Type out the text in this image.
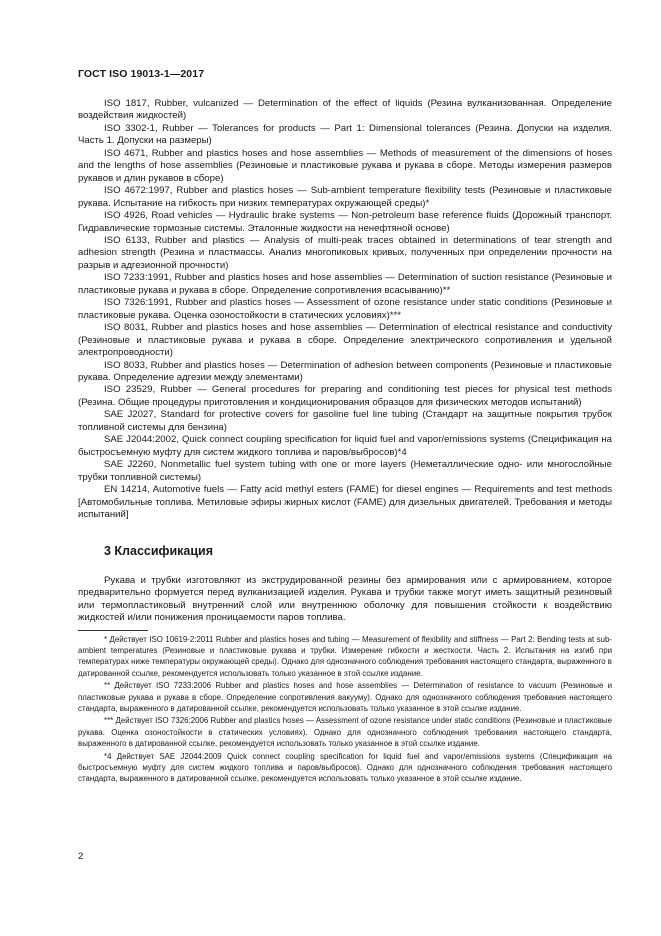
ГОСТ ISO 19013-1—2017

ISO 1817, Rubber, vulcanized — Determination of the effect of liquids (Резина вулканизованная. Определение воздействия жидкостей)

ISO 3302-1, Rubber — Tolerances for products — Part 1: Dimensional tolerances (Резина. Допуски на изделия. Часть 1. Допуски на размеры)

ISO 4671, Rubber and plastics hoses and hose assemblies — Methods of measurement of the dimensions of hoses and the lengths of hose assemblies (Резиновые и пластиковые рукава и рукава в сборе. Методы измерения размеров рукавов и длин рукавов в сборе)

ISO 4672:1997, Rubber and plastics hoses — Sub-ambient temperature flexibility tests (Резиновые и пластиковые рукава. Испытание на гибкость при низких температурах окружающей среды)*

ISO 4926, Road vehicles — Hydraulic brake systems — Non-petroleum base reference fluids (Дорожный транспорт. Гидравлические тормозные системы. Эталонные жидкости на ненефтяной основе)

ISO 6133, Rubber and plastics — Analysis of multi-peak traces obtained in determinations of tear strength and adhesion strength (Резина и пластмассы. Анализ многопиковых кривых, полученных при определении прочности на разрыв и адгезионной прочности)

ISO 7233:1991, Rubber and plastics hoses and hose assemblies — Determination of suction resistance (Резиновые и пластиковые рукава и рукава в сборе. Определение сопротивления всасыванию)**

ISO 7326:1991, Rubber and plastics hoses — Assessment of ozone resistance under static conditions (Резиновые и пластиковые рукава. Оценка озоностойкости в статических условиях)***

ISO 8031, Rubber and plastics hoses and hose assemblies — Determination of electrical resistance and conductivity (Резиновые и пластиковые рукава и рукава в сборе. Определение электрического сопротивления и удельной электропроводности)

ISO 8033, Rubber and plastics hoses — Determination of adhesion between components (Резиновые и пластиковые рукава. Определение адгезии между элементами)

ISO 23529, Rubber — General procedures for preparing and conditioning test pieces for physical test methods (Резина. Общие процедуры приготовления и кондиционирования образцов для физических методов испытаний)

SAE J2027, Standard for protective covers for gasoline fuel line tubing (Стандарт на защитные покрытия трубок топливной системы для бензина)

SAE J2044:2002, Quick connect coupling specification for liquid fuel and vapor/emissions systems (Спецификация на быстросъемную муфту для систем жидкого топлива и паров/выбросов)*4

SAE J2260, Nonmetallic fuel system tubing with one or more layers (Неметаллические одно- или многослойные трубки топливной системы)

EN 14214, Automotive fuels — Fatty acid methyl esters (FAME) for diesel engines — Requirements and test methods [Автомобильные топлива. Метиловые эфиры жирных кислот (FAME) для дизельных двигателей. Требования и методы испытаний]

3 Классификация

Рукава и трубки изготовляют из экструдированной резины без армирования или с армированием, которое предварительно формуется перед вулканизацией изделия. Рукава и трубки также могут иметь защитный резиновый или термопластиковый внутренний слой или внутреннюю оболочку для повышения стойкости к воздействию жидкостей и/или понижения проницаемости паров топлива.

* Действует ISO 10619-2:2011 Rubber and plastics hoses and tubing — Measurement of flexibility and stiffness — Part 2: Bending tests at sub-ambient temperatures (Резиновые и пластиковые рукава и трубки. Измерение гибкости и жесткости. Часть 2. Испытания на изгиб при температурах ниже температуры окружающей среды). Однако для однозначного соблюдения требования настоящего стандарта, выраженного в датированной ссылке, рекомендуется использовать только указанное в этой ссылке издание.

** Действует ISO 7233:2006 Rubber and plastics hoses and hose assemblies — Determination of resistance to vacuum (Резиновые и пластиковые рукава и рукава в сборе. Определение сопротивления вакууму). Однако для однозначного соблюдения требования настоящего стандарта, выраженного в датированной ссылке, рекомендуется использовать только указанное в этой ссылке издание.

*** Действует ISO 7326:2006 Rubber and plastics hoses — Assessment of ozone resistance under static conditions (Резиновые и пластиковые рукава. Оценка озоностойкости в статических условиях). Однако для однозначного соблюдения требования настоящего стандарта, выраженного в датированной ссылке, рекомендуется использовать только указанное в этой ссылке издание.

*4 Действует SAE J2044:2009 Quick connect coupling specification for liquid fuel and vapor/emissions systems (Спецификация на быстросъемную муфту для систем жидкого топлива и паров/выбросов). Однако для однозначного соблюдения требования настоящего стандарта, выраженного в датированной ссылке, рекомендуется использовать только указанное в этой ссылке издание.

2
